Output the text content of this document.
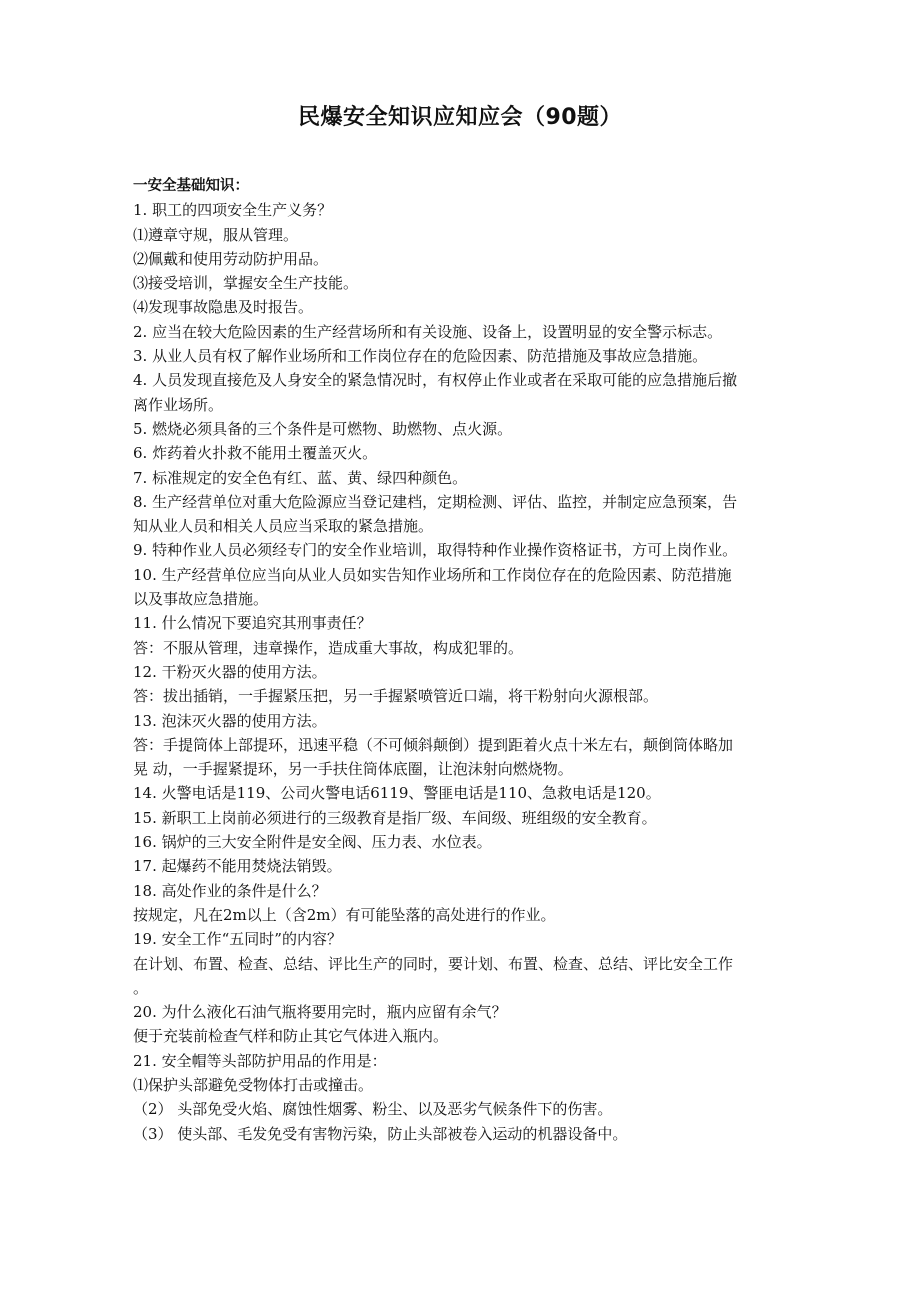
民爆安全知识应知应会（90题）
一安全基础知识：
1. 职工的四项安全生产义务？
⑴遵章守规，服从管理。
⑵佩戴和使用劳动防护用品。
⑶接受培训，掌握安全生产技能。
⑷发现事故隐患及时报告。
2. 应当在较大危险因素的生产经营场所和有关设施、设备上，设置明显的安全警示标志。
3. 从业人员有权了解作业场所和工作岗位存在的危险因素、防范措施及事故应急措施。
4. 人员发现直接危及人身安全的紧急情况时，有权停止作业或者在采取可能的应急措施后撤
离作业场所。
5. 燃烧必须具备的三个条件是可燃物、助燃物、点火源。
6. 炸药着火扑救不能用土覆盖灭火。
7. 标准规定的安全色有红、蓝、黄、绿四种颜色。
8. 生产经营单位对重大危险源应当登记建档，定期检测、评估、监控，并制定应急预案，告
知从业人员和相关人员应当采取的紧急措施。
9. 特种作业人员必须经专门的安全作业培训，取得特种作业操作资格证书，方可上岗作业。
10. 生产经营单位应当向从业人员如实告知作业场所和工作岗位存在的危险因素、防范措施
以及事故应急措施。
11. 什么情况下要追究其刑事责任？
答：不服从管理，违章操作，造成重大事故，构成犯罪的。
12. 干粉灭火器的使用方法。
答：拔出插销，一手握紧压把，另一手握紧喷管近口端，将干粉射向火源根部。
13. 泡沫灭火器的使用方法。
答：手提筒体上部提环，迅速平稳（不可倾斜颠倒）提到距着火点十米左右，颠倒筒体略加
晃 动，一手握紧提环，另一手扶住筒体底圈，让泡沫射向燃烧物。
14. 火警电话是119、公司火警电话6119、警匪电话是110、急救电话是120。
15. 新职工上岗前必须进行的三级教育是指厂级、车间级、班组级的安全教育。
16. 锅炉的三大安全附件是安全阀、压力表、水位表。
17. 起爆药不能用焚烧法销毁。
18. 高处作业的条件是什么？
按规定，凡在2m以上（含2m）有可能坠落的高处进行的作业。
19. 安全工作“五同时”的内容？
在计划、布置、检查、总结、评比生产的同时，要计划、布置、检查、总结、评比安全工作
。
20. 为什么液化石油气瓶将要用完时，瓶内应留有余气？
便于充装前检查气样和防止其它气体进入瓶内。
21. 安全帽等头部防护用品的作用是：
⑴保护头部避免受物体打击或撞击。
（2） 头部免受火焰、腐蚀性烟雾、粉尘、以及恶劣气候条件下的伤害。
（3） 使头部、毛发免受有害物污染，防止头部被卷入运动的机器设备中。
